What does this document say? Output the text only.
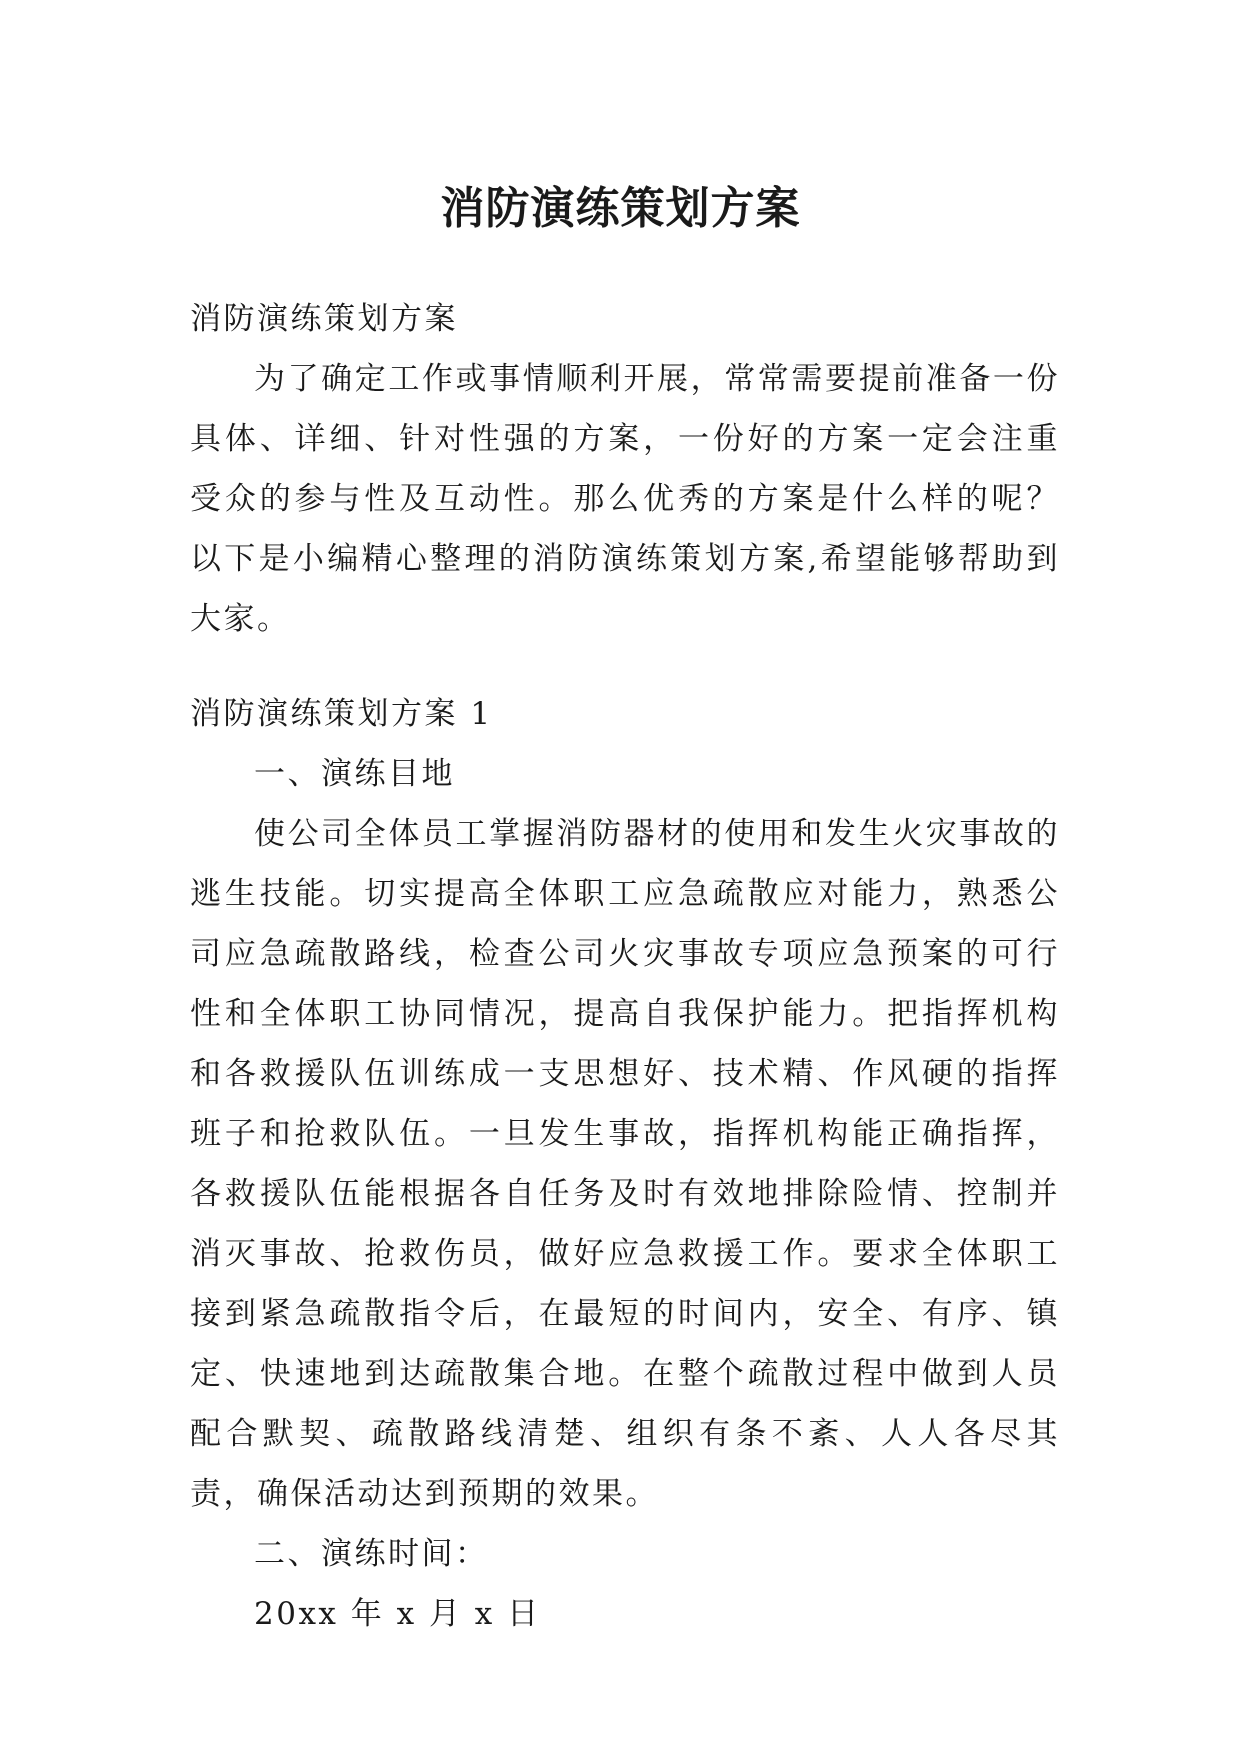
消防演练策划方案

消防演练策划方案

为了确定工作或事情顺利开展，常常需要提前准备一份具体、详细、针对性强的方案，一份好的方案一定会注重受众的参与性及互动性。那么优秀的方案是什么样的呢？以下是小编精心整理的消防演练策划方案,希望能够帮助到大家。

消防演练策划方案 1

一、演练目地

使公司全体员工掌握消防器材的使用和发生火灾事故的逃生技能。切实提高全体职工应急疏散应对能力，熟悉公司应急疏散路线，检查公司火灾事故专项应急预案的可行性和全体职工协同情况，提高自我保护能力。把指挥机构和各救援队伍训练成一支思想好、技术精、作风硬的指挥班子和抢救队伍。一旦发生事故，指挥机构能正确指挥，各救援队伍能根据各自任务及时有效地排除险情、控制并消灭事故、抢救伤员，做好应急救援工作。要求全体职工接到紧急疏散指令后，在最短的时间内，安全、有序、镇定、快速地到达疏散集合地。在整个疏散过程中做到人员配合默契、疏散路线清楚、组织有条不紊、人人各尽其责，确保活动达到预期的效果。

二、演练时间：

20xx 年 x 月 x 日
